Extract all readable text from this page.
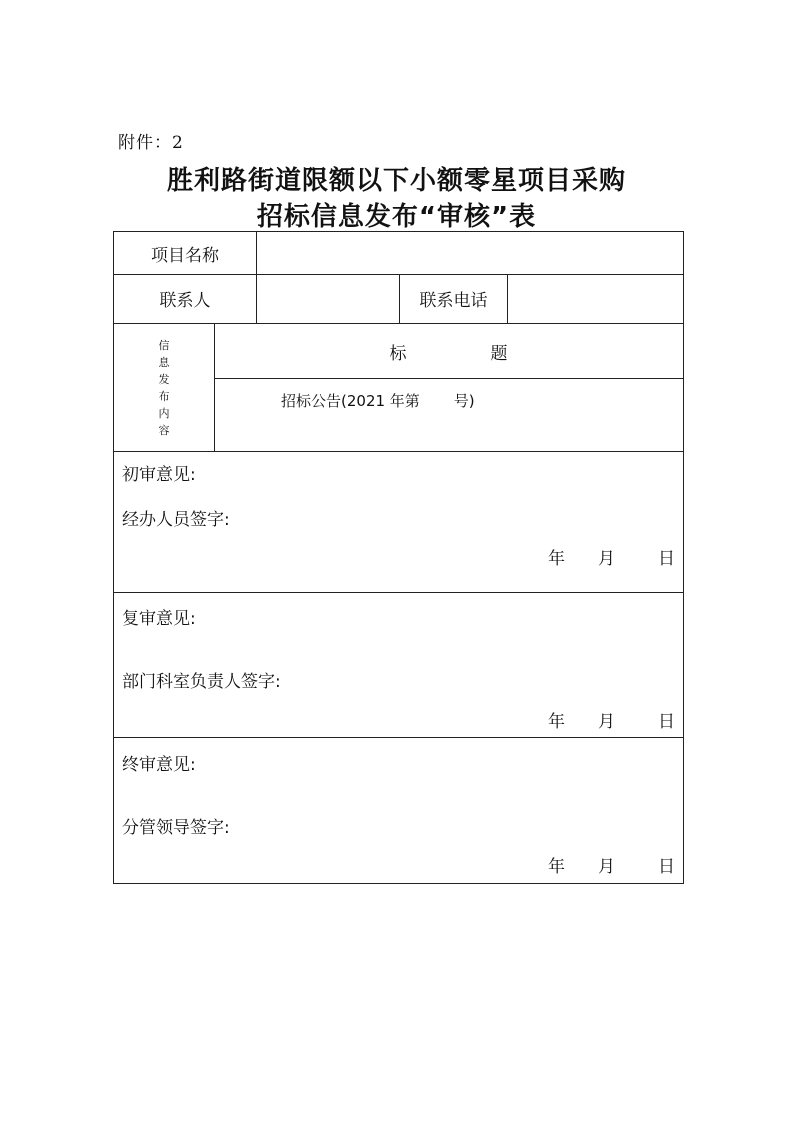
附件：2
胜利路街道限额以下小额零星项目采购
招标信息发布“审核”表
项目名称
联系人	联系电话
信
息
发
布
内
容
标	题
招标公告(2021 年第 号)
初审意见:
经办人员签字:
年	月	日
复审意见:
部门科室负责人签字:
年	月	日
终审意见:
分管领导签字:
年	月	日
